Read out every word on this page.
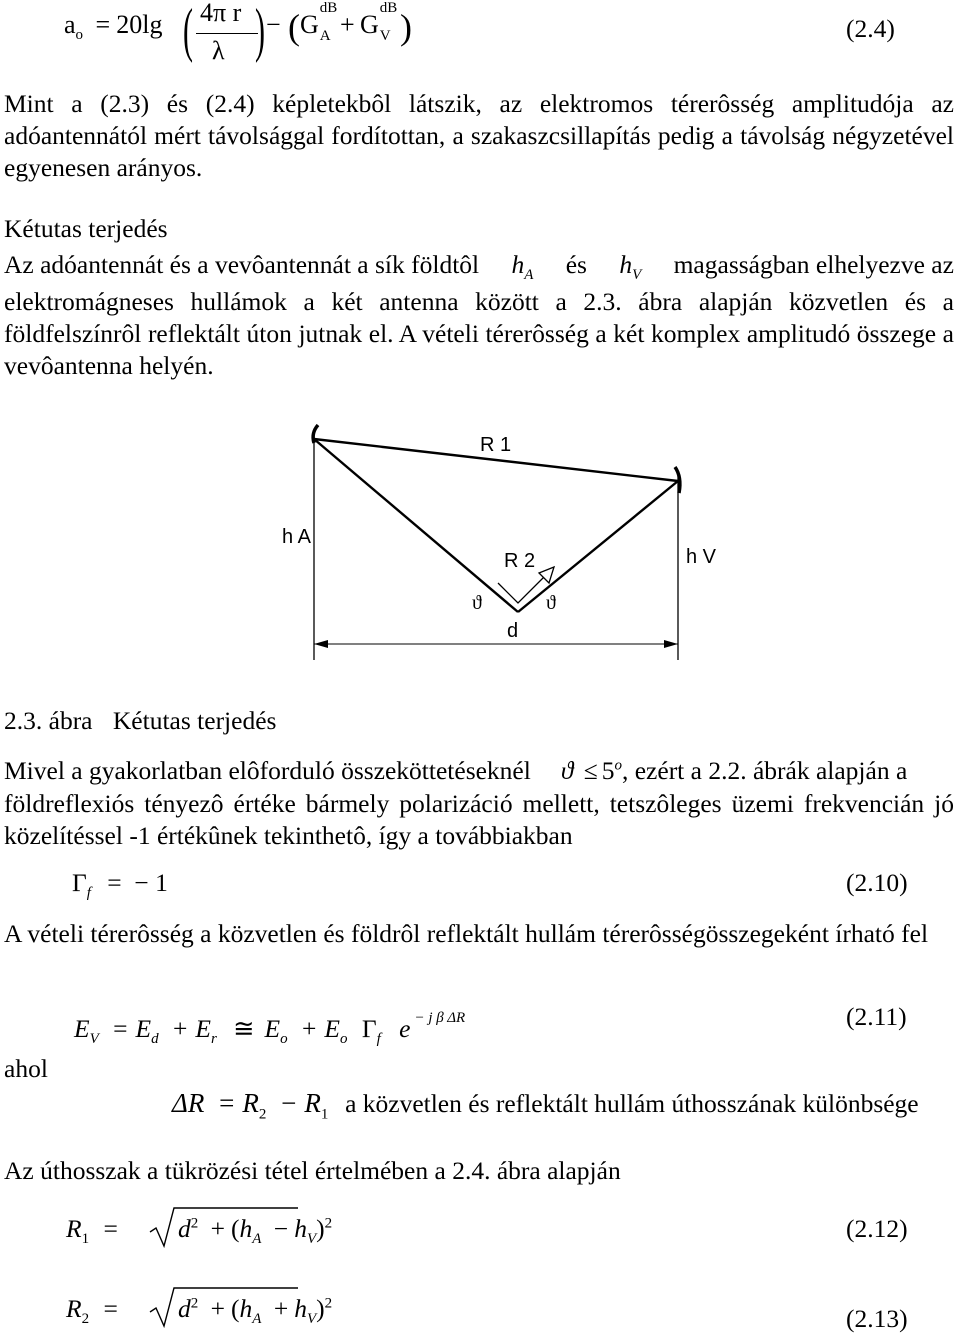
$a_o = 20\lg$ ( 4π r
λ ) − ( G
dB
A + G
dB
V )	(2.4)
Mint a (2.3) és (2.4) képletekbôl látszik, az elektromos térerôsség amplitudója az adóantennától mért távolsággal fordítottan, a szakaszcsillapítás pedig a távolság négyzetével egyenesen arányos.
Kétutas terjedés
Az adóantennát és a vevôantennát a sík földtôl $h_A$ és $h_V$ magasságban elhelyezve az
elektromágneses hullámok a két antenna között a 2.3. ábra alapján közvetlen és a földfelszínrôl reflektált úton jutnak el. A vételi térerôsség a két komplex amplitudó összege a vevôantenna helyén.
R 1
h A
R 2	h V
ϑ	ϑ
d
2.3. ábra Kétutas terjedés
Mivel a gyakorlatban elôforduló összeköttetéseknél $ϑ \le 5^o$ , ezért a 2.2. ábrák alapján a
földreflexiós tényezô értéke bármely polarizáció mellett, tetszôleges üzemi frekvencián jó közelítéssel -1 értékûnek tekinthetô, így a továbbiakban
$\Gamma_f$ =  − 1	(2.10)
A vételi térerôsség a közvetlen és földrôl reflektált hullám térerôsségösszegeként írható fel
$E_V = E_d + E_r$ ≅ $E_o + E_o$ $\Gamma_f$ e $^{- j \beta \Delta R}$	(2.11)
ahol
$\Delta R = R_2 - R_1$ a közvetlen és reflektált hullám úthosszának különbsége
Az úthosszak a tükrözési tétel értelmében a 2.4. ábra alapján
$R_1$ =	$d^2 + (h_A - h_V)^2$	(2.12)
$R_2$ =	$d^2 + (h_A + h_V)^2$
(2.13)
